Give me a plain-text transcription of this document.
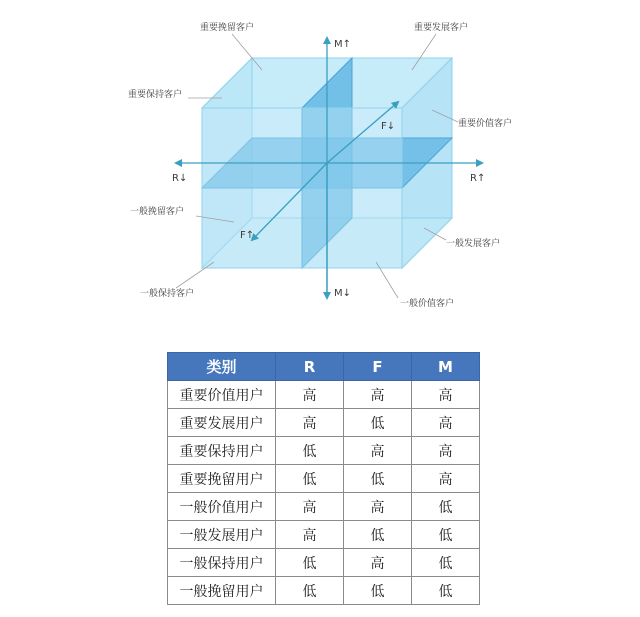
重要挽留客户	重要发展客户
重要保持客户
重要价值客户
一般挽留客户
一般发展客户
一般保持客户
一般价值客户
M↑
M↓
R↓	R↑
F↓
F↑
类别	R	F	M
重要价值用户	高	高	高
重要发展用户	高	低	高
重要保持用户	低	高	高
重要挽留用户	低	低	高
一般价值用户	高	高	低
一般发展用户	高	低	低
一般保持用户	低	高	低
一般挽留用户	低	低	低
